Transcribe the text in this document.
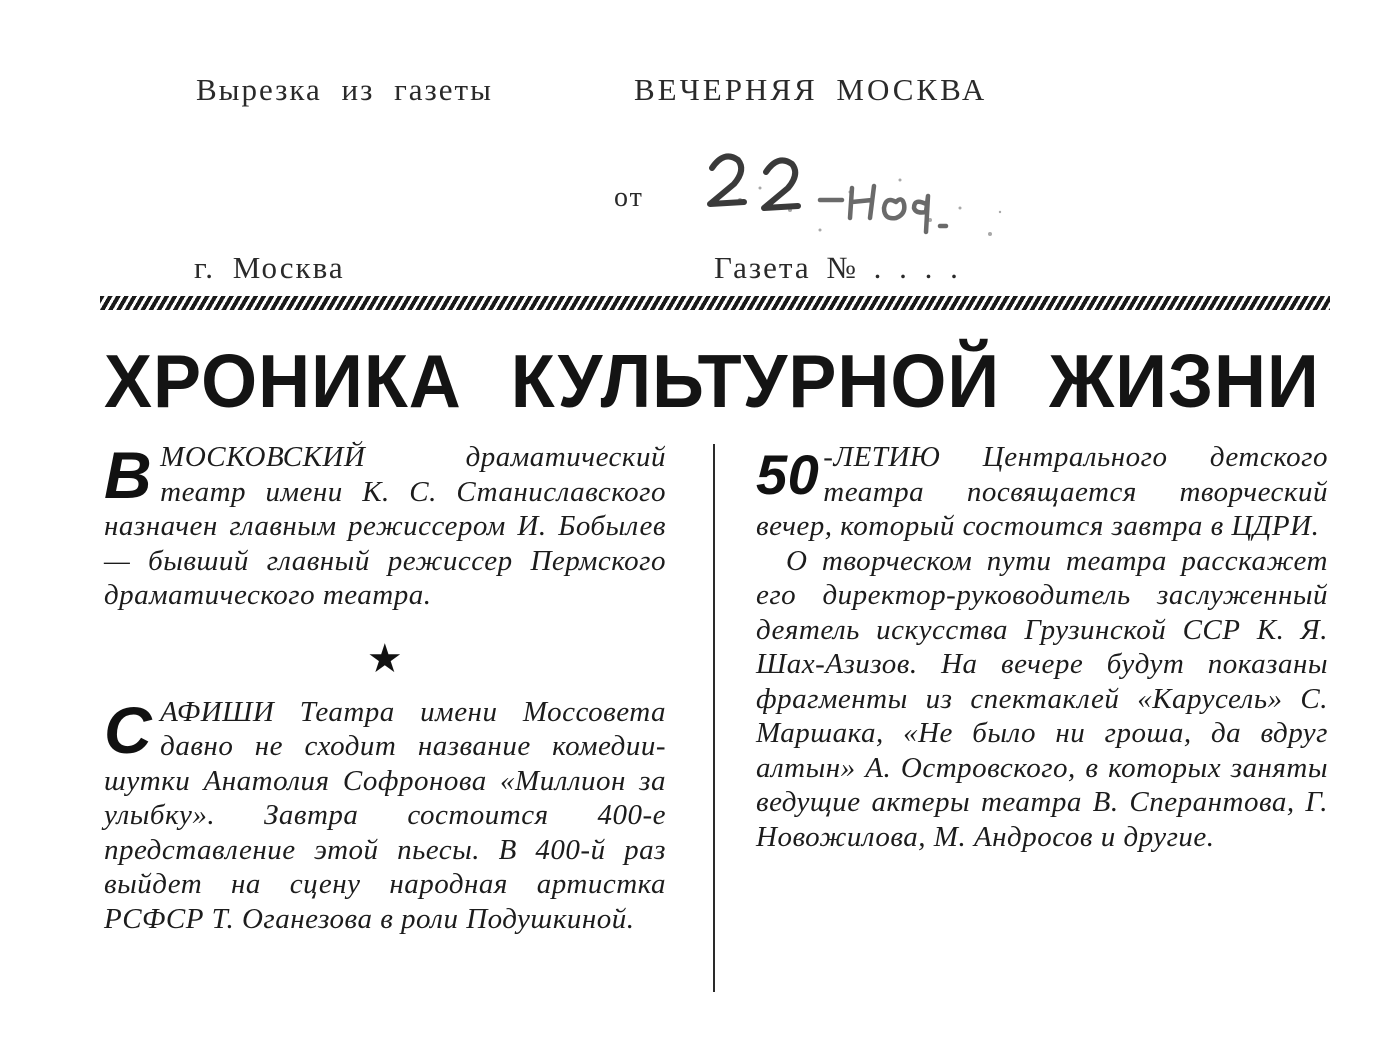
Вырезка из газеты	ВЕЧЕРНЯЯ МОСКВА
от
г. Москва	Газета № . . . .
ХРОНИКА КУЛЬТУРНОЙ ЖИЗНИ

ВМОСКОВСКИЙ драматический театр имени К. С. Станиславского назначен главным режиссером И. Бобылев — бывший главный режиссер Пермского драматического театра.

★

САФИШИ Театра имени Моссовета давно не сходит название комедии-шутки Анатолия Софронова «Миллион за улыбку». Завтра состоится 400-е представление этой пьесы. В 400-й раз выйдет на сцену народная артистка РСФСР Т. Оганезова в роли Подушкиной.

50 -ЛЕТИЮ Центрального детского театра посвящается творческий вечер, который состоится завтра в ЦДРИ.

О творческом пути театра расскажет его директор-руководитель заслуженный деятель искусства Грузинской ССР К. Я. Шах-Азизов. На вечере будут показаны фрагменты из спектаклей «Карусель» С. Маршака, «Не было ни гроша, да вдруг алтын» А. Островского, в которых заняты ведущие актеры театра В. Сперантова, Г. Новожилова, М. Андросов и другие.
